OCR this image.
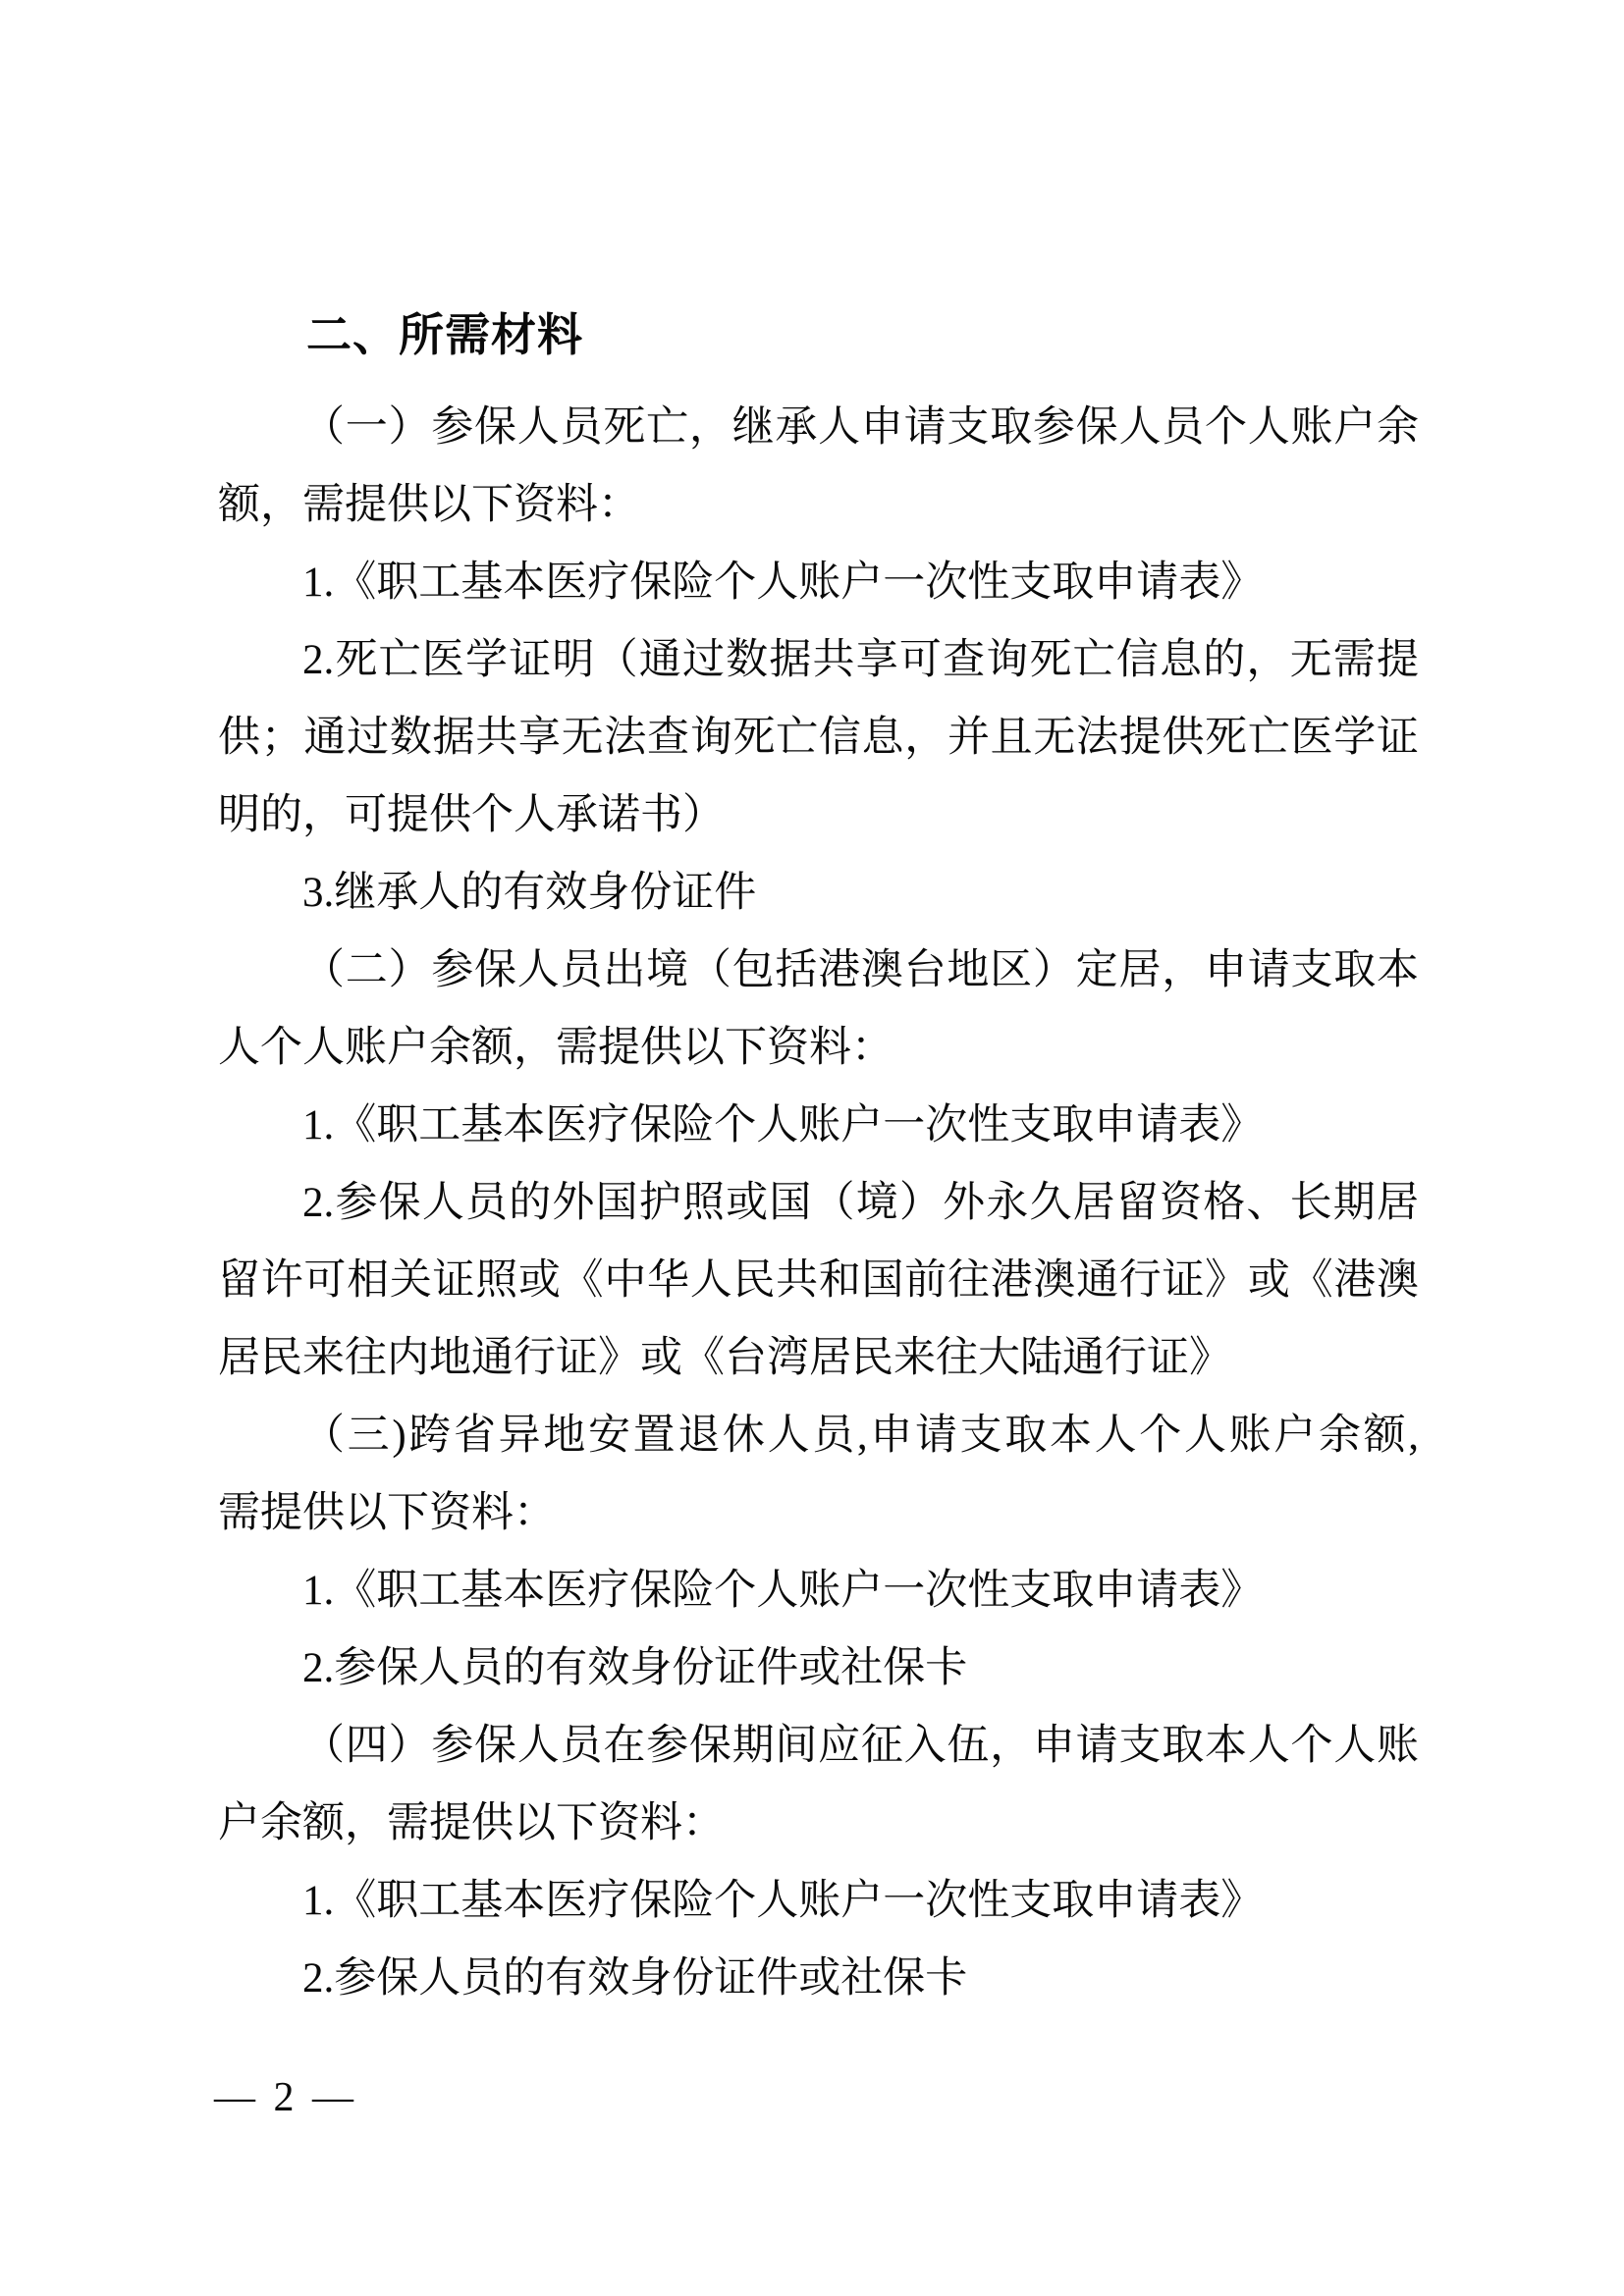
二、所需材料
（一）参保人员死亡，继承人申请支取参保人员个人账户余
额，需提供以下资料：
1.《职工基本医疗保险个人账户一次性支取申请表》
2.死亡医学证明（通过数据共享可查询死亡信息的，无需提
供；通过数据共享无法查询死亡信息，并且无法提供死亡医学证
明的，可提供个人承诺书）
3.继承人的有效身份证件
（二）参保人员出境（包括港澳台地区）定居，申请支取本
人个人账户余额，需提供以下资料：
1.《职工基本医疗保险个人账户一次性支取申请表》
2.参保人员的外国护照或国（境）外永久居留资格、长期居
留许可相关证照或《中华人民共和国前往港澳通行证》或《港澳
居民来往内地通行证》或《台湾居民来往大陆通行证》
（三)跨省异地安置退休人员,申请支取本人个人账户余额,
需提供以下资料：
1.《职工基本医疗保险个人账户一次性支取申请表》
2.参保人员的有效身份证件或社保卡
（四）参保人员在参保期间应征入伍，申请支取本人个人账
户余额，需提供以下资料：
1.《职工基本医疗保险个人账户一次性支取申请表》
2.参保人员的有效身份证件或社保卡
— 2 —
